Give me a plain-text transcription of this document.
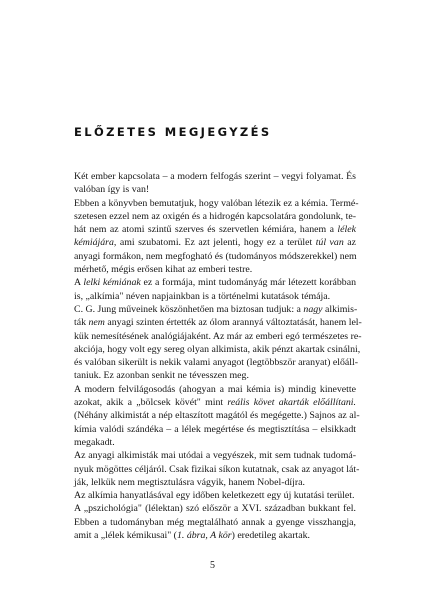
ELŐZETES MEGJEGYZÉS
Két ember kapcsolata – a modern felfogás szerint – vegyi folyamat. És
valóban így is van!
Ebben a könyvben bemutatjuk, hogy valóban létezik ez a kémia. Termé-
szetesen ezzel nem az oxigén és a hidrogén kapcsolatára gondolunk, te-
hát nem az atomi szintű szerves és szervetlen kémiára, hanem a lélek
kémiájára, ami szubatomi. Ez azt jelenti, hogy ez a terület túl van az
anyagi formákon, nem megfogható és (tudományos módszerekkel) nem
mérhető, mégis erősen kihat az emberi testre.
A lelki kémiának ez a formája, mint tudományág már létezett korábban
is, „alkímia" néven napjainkban is a történelmi kutatások témája.
C. G. Jung műveinek köszönhetően ma biztosan tudjuk: a nagy alkimis-
ták nem anyagi szinten értették az ólom arannyá változtatását, hanem lel-
kük nemesítésének analógiájaként. Az már az emberi egó természetes re-
akciója, hogy volt egy sereg olyan alkimista, akik pénzt akartak csinálni,
és valóban sikerült is nekik valami anyagot (legtöbbször aranyat) előáll-
taniuk. Ez azonban senkit ne tévesszen meg.
A modern felvilágosodás (ahogyan a mai kémia is) mindig kinevette
azokat, akik a „bölcsek kövét" mint reális követ akarták előállítani.
(Néhány alkimistát a nép eltaszított magától és megégette.) Sajnos az al-
kímia valódi szándéka – a lélek megértése és megtisztítása – elsikkadt
megakadt.
Az anyagi alkimisták mai utódai a vegyészek, mit sem tudnak tudomá-
nyuk mögöttes céljáról. Csak fizikai síkon kutatnak, csak az anyagot lát-
ják, lelkük nem megtisztulásra vágyik, hanem Nobel-díjra.
Az alkímia hanyatlásával egy időben keletkezett egy új kutatási terület.
A „pszichológia" (lélektan) szó először a XVI. században bukkant fel.
Ebben a tudományban még megtalálható annak a gyenge visszhangja,
amit a „lélek kémikusai" (1. ábra, A kör) eredetileg akartak.
5
